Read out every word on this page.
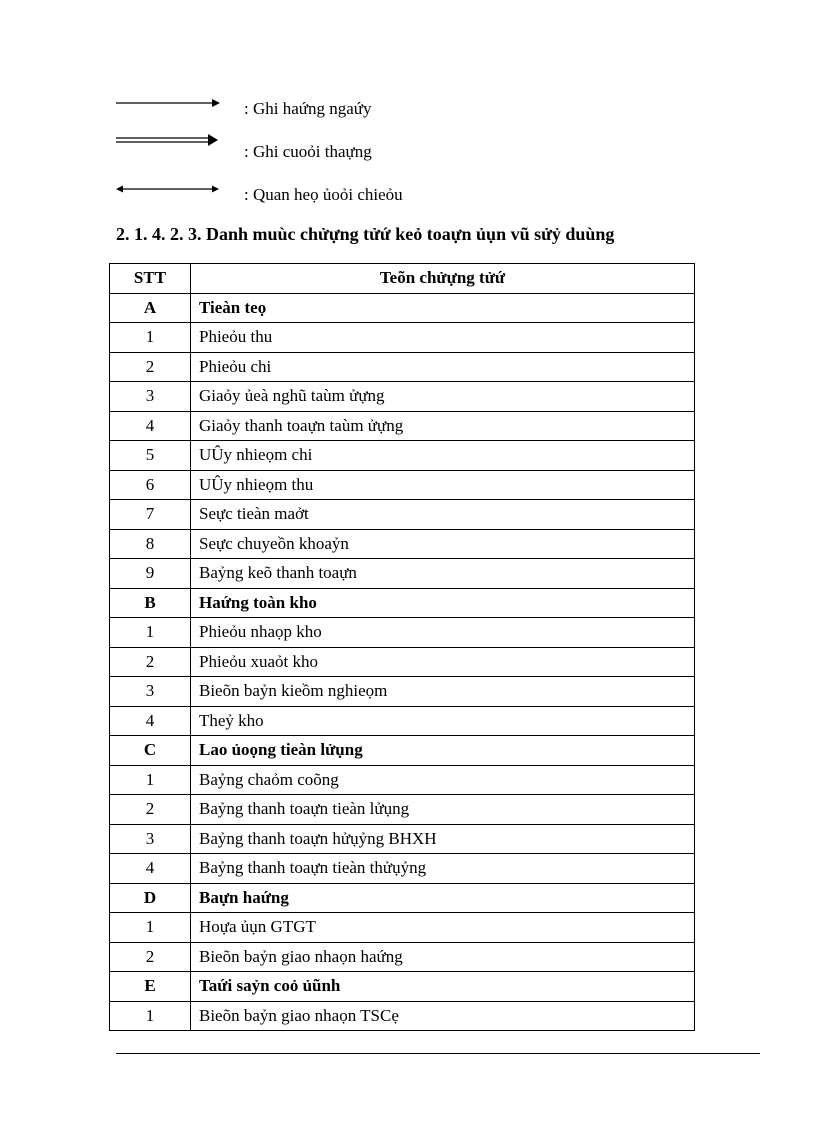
: Ghi haứng ngaứy
: Ghi cuoỏi thaựng
: Quan heọ ủoỏi chieỏu
2. 1. 4. 2. 3. Danh muùc chửựng tửứ keỏ toaựn ủụn vũ sửỷ duùng
STT	Teõn chửựng tửứ
A	Tieàn teọ
1	Phieỏu thu
2	Phieỏu chi
3	Giaỏy ủeà nghũ taùm ửựng
4	Giaỏy thanh toaựn taùm ửựng
5	UÛy nhieọm chi
6	UÛy nhieọm thu
7	Seực tieàn maởt
8	Seực chuyeồn khoaỷn
9	Baỷng keõ thanh toaựn
B	Haứng toàn kho
1	Phieỏu nhaọp kho
2	Phieỏu xuaỏt kho
3	Bieõn baỷn kieồm nghieọm
4	Theỷ kho
C	Lao ủoọng tieàn lửụng
1	Baỷng chaỏm coõng
2	Baỷng thanh toaựn tieàn lửụng
3	Baỷng thanh toaựn hửụỷng BHXH
4	Baỷng thanh toaựn tieàn thửụỷng
D	Baựn haứng
1	Hoựa ủụn GTGT
2	Bieõn baỷn giao nhaọn haứng
E	Taứi saỷn coỏ ủũnh
1	Bieõn baỷn giao nhaọn TSCẹ
